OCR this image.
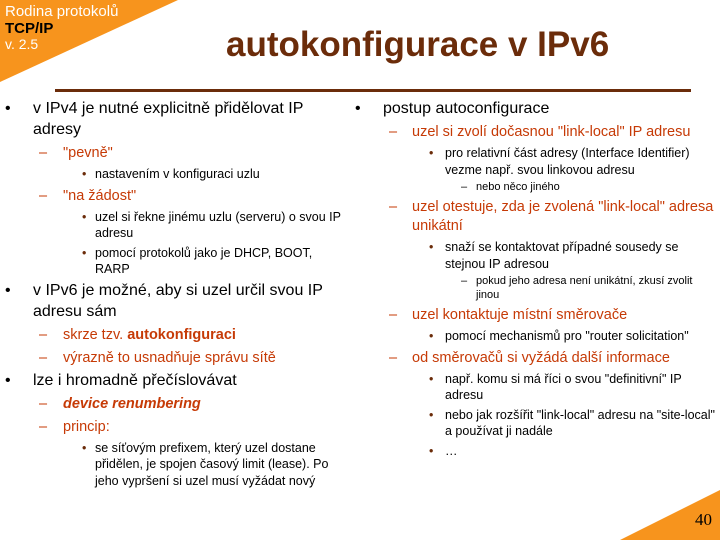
Rodina protokolů
TCP/IP
v. 2.5	autokonfigurace v IPv6
• v IPv4 je nutné explicitně přidělovat IP adresy
– "pevně"
• nastavením v konfiguraci uzlu
– "na žádost"
• uzel si řekne jinému uzlu (serveru) o svou IP adresu
• pomocí protokolů jako je DHCP, BOOT, RARP
• v IPv6 je možné, aby si uzel určil svou IP adresu sám
– skrze tzv. autokonfiguraci
– výrazně to usnadňuje správu sítě
• lze i hromadně přečíslovávat
– device renumbering
– princip:
• se síťovým prefixem, který uzel dostane přidělen, je spojen časový limit (lease). Po jeho vypršení si uzel musí vyžádat nový
• postup autoconfigurace
– uzel si zvolí dočasnou "link-local" IP adresu
• pro relativní část adresy (Interface Identifier) vezme např. svou linkovou adresu
– nebo něco jiného
– uzel otestuje, zda je zvolená "link-local" adresa unikátní
• snaží se kontaktovat případné sousedy se stejnou IP adresou
– pokud jeho adresa není unikátní, zkusí zvolit jinou
– uzel kontaktuje místní směrovače
• pomocí mechanismů pro "router solicitation"
– od směrovačů si vyžádá další informace
• např. komu si má říci o svou "definitivní" IP adresu
• nebo jak rozšířit "link-local" adresu na "site-local" a používat ji nadále
• …
40
